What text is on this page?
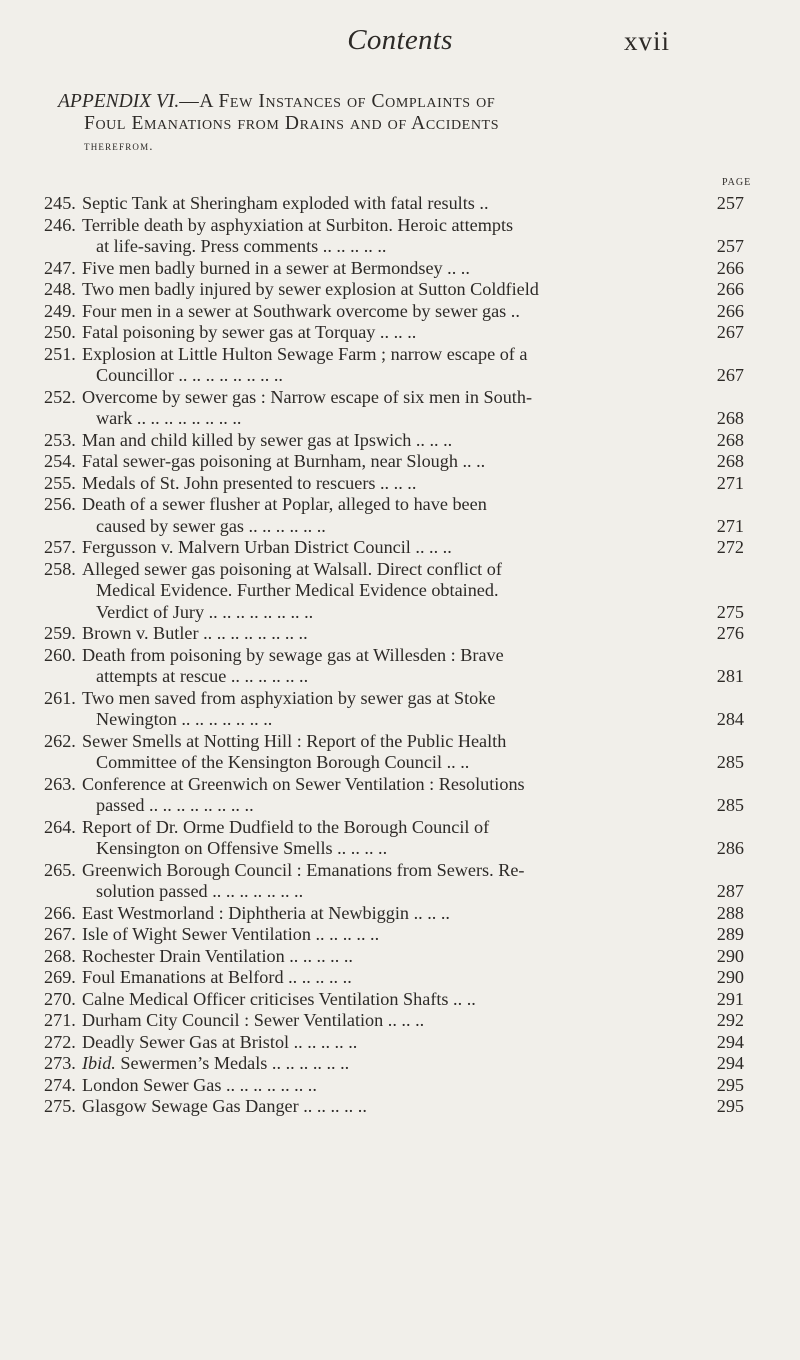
Contents	xvii
APPENDIX VI.—A Few Instances of Complaints of
Foul Emanations from Drains and of Accidents
therefrom.
PAGE
245. Septic Tank at Sheringham exploded with fatal results ..	257
246. Terrible death by asphyxiation at Surbiton. Heroic attempts
at life-saving. Press comments .. .. .. .. ..	257
247. Five men badly burned in a sewer at Bermondsey .. ..	266
248. Two men badly injured by sewer explosion at Sutton Coldfield	266
249. Four men in a sewer at Southwark overcome by sewer gas ..	266
250. Fatal poisoning by sewer gas at Torquay .. .. ..	267
251. Explosion at Little Hulton Sewage Farm ; narrow escape of a
Councillor .. .. .. .. .. .. .. ..	267
252. Overcome by sewer gas : Narrow escape of six men in South-
wark .. .. .. .. .. .. .. ..	268
253. Man and child killed by sewer gas at Ipswich .. .. ..	268
254. Fatal sewer-gas poisoning at Burnham, near Slough .. ..	268
255. Medals of St. John presented to rescuers .. .. ..	271
256. Death of a sewer flusher at Poplar, alleged to have been
caused by sewer gas .. .. .. .. .. ..	271
257. Fergusson v. Malvern Urban District Council .. .. ..	272
258. Alleged sewer gas poisoning at Walsall. Direct conflict of
Medical Evidence. Further Medical Evidence obtained.
Verdict of Jury .. .. .. .. .. .. .. ..	275
259. Brown v. Butler .. .. .. .. .. .. .. ..	276
260. Death from poisoning by sewage gas at Willesden : Brave
attempts at rescue .. .. .. .. .. ..	281
261. Two men saved from asphyxiation by sewer gas at Stoke
Newington .. .. .. .. .. .. ..	284
262. Sewer Smells at Notting Hill : Report of the Public Health
Committee of the Kensington Borough Council .. ..	285
263. Conference at Greenwich on Sewer Ventilation : Resolutions
passed .. .. .. .. .. .. .. ..	285
264. Report of Dr. Orme Dudfield to the Borough Council of
Kensington on Offensive Smells .. .. .. ..	286
265. Greenwich Borough Council : Emanations from Sewers. Re-
solution passed .. .. .. .. .. .. ..	287
266. East Westmorland : Diphtheria at Newbiggin .. .. ..	288
267. Isle of Wight Sewer Ventilation .. .. .. .. ..	289
268. Rochester Drain Ventilation .. .. .. .. ..	290
269. Foul Emanations at Belford .. .. .. .. ..	290
270. Calne Medical Officer criticises Ventilation Shafts .. ..	291
271. Durham City Council : Sewer Ventilation .. .. ..	292
272. Deadly Sewer Gas at Bristol .. .. .. .. ..	294
273. Ibid. Sewermen’s Medals .. .. .. .. .. ..	294
274. London Sewer Gas .. .. .. .. .. .. ..	295
275. Glasgow Sewage Gas Danger .. .. .. .. ..	295
